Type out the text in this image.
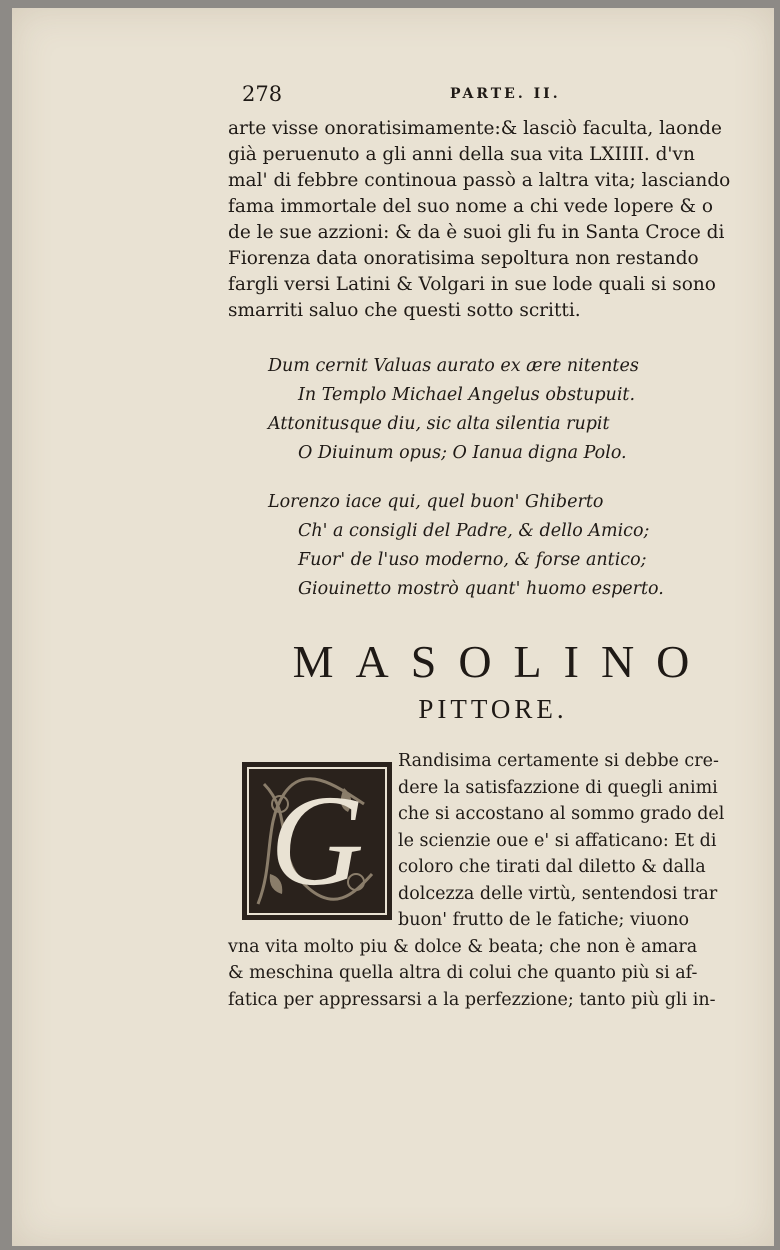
278	PARTE. II.
arte visse onoratisimamente:& lasciò faculta, laonde
già peruenuto a gli anni della sua vita LXIIII. d'vn
mal' di febbre continoua passò a laltra vita; lasciando
fama immortale del suo nome a chi vede lopere & o
de le sue azzioni: & da è suoi gli fu in Santa Croce di
Fiorenza data onoratisima sepoltura non restando
fargli versi Latini & Volgari in sue lode quali si sono
smarriti saluo che questi sotto scritti.
Dum cernit Valuas aurato ex ære nitentes
In Templo Michael Angelus obstupuit.
Attonitusque diu, sic alta silentia rupit
O Diuinum opus; O Ianua digna Polo.
Lorenzo iace qui, quel buon' Ghiberto
Ch' a consigli del Padre, & dello Amico;
Fuor' de l'uso moderno, & forse antico;
Giouinetto mostrò quant' huomo esperto.
MASOLINO
PITTORE.
G
Randisima certamente si debbe cre-
dere la satisfazzione di quegli animi
che si accostano al sommo grado del
le scienzie oue e' si affaticano: Et di
coloro che tirati dal diletto & dalla
dolcezza delle virtù, sentendosi trar
buon' frutto de le fatiche; viuono
vna vita molto piu & dolce & beata; che non è amara
& meschina quella altra di colui che quanto più si af-
fatica per appressarsi a la perfezzione; tanto più gli in-
